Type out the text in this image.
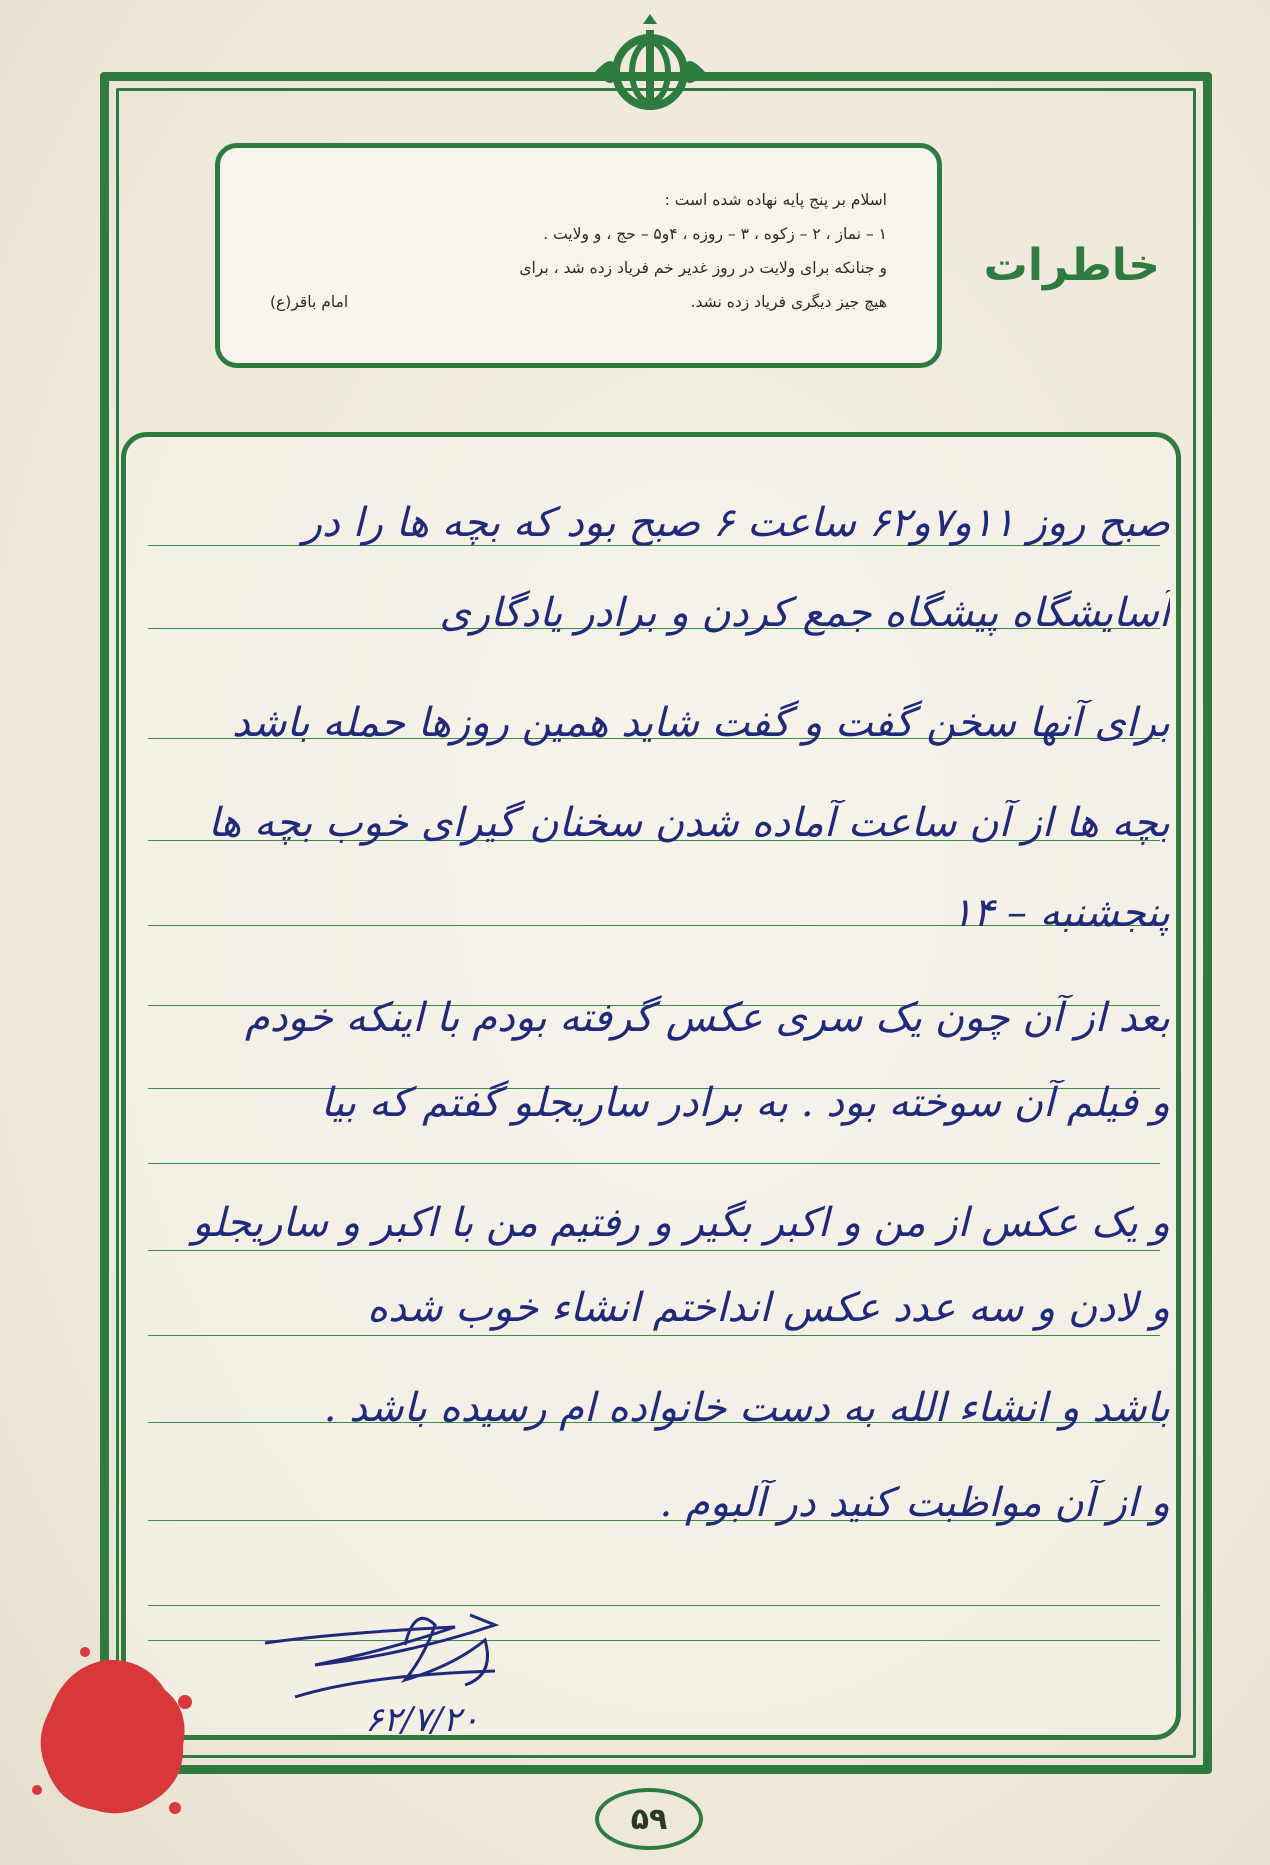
اسلام بر پنج پایه نهاده شده است :

۱ – نماز ، ۲ – زکوه ، ۳ – روزه ، ۴و۵ – حج ، و ولایت .

و جنانکه برای ولایت در روز غدیر خم فریاد زده شد ، برای

هیچ جیز دیگری فریاد زده نشد.

امام باقر(ع)
خاطرات
صبح روز ۱۱و۷و۶۲ ساعت ۶ صبح بود که بچه ها را در
آسایشگاه پیشگاه جمع کردن و برادر یادگاری
برای آنها سخن گفت و گفت شاید همین روزها حمله باشد
بچه ها از آن ساعت آماده شدن سخنان گیرای خوب بچه ها
پنجشنبه – ۱۴
بعد از آن چون یک سری عکس گرفته بودم با اینکه خودم
و فیلم آن سوخته بود . به برادر ساریجلو گفتم که بیا
و یک عکس از من و اکبر بگیر و رفتیم من با اکبر و ساریجلو
و لادن و سه عدد عکس انداختم انشاء خوب شده
باشد و انشاء الله به دست خانواده ام رسیده باشد .
و از آن مواظبت کنید در آلبوم .
۶۲/۷/۲۰
۵۹
